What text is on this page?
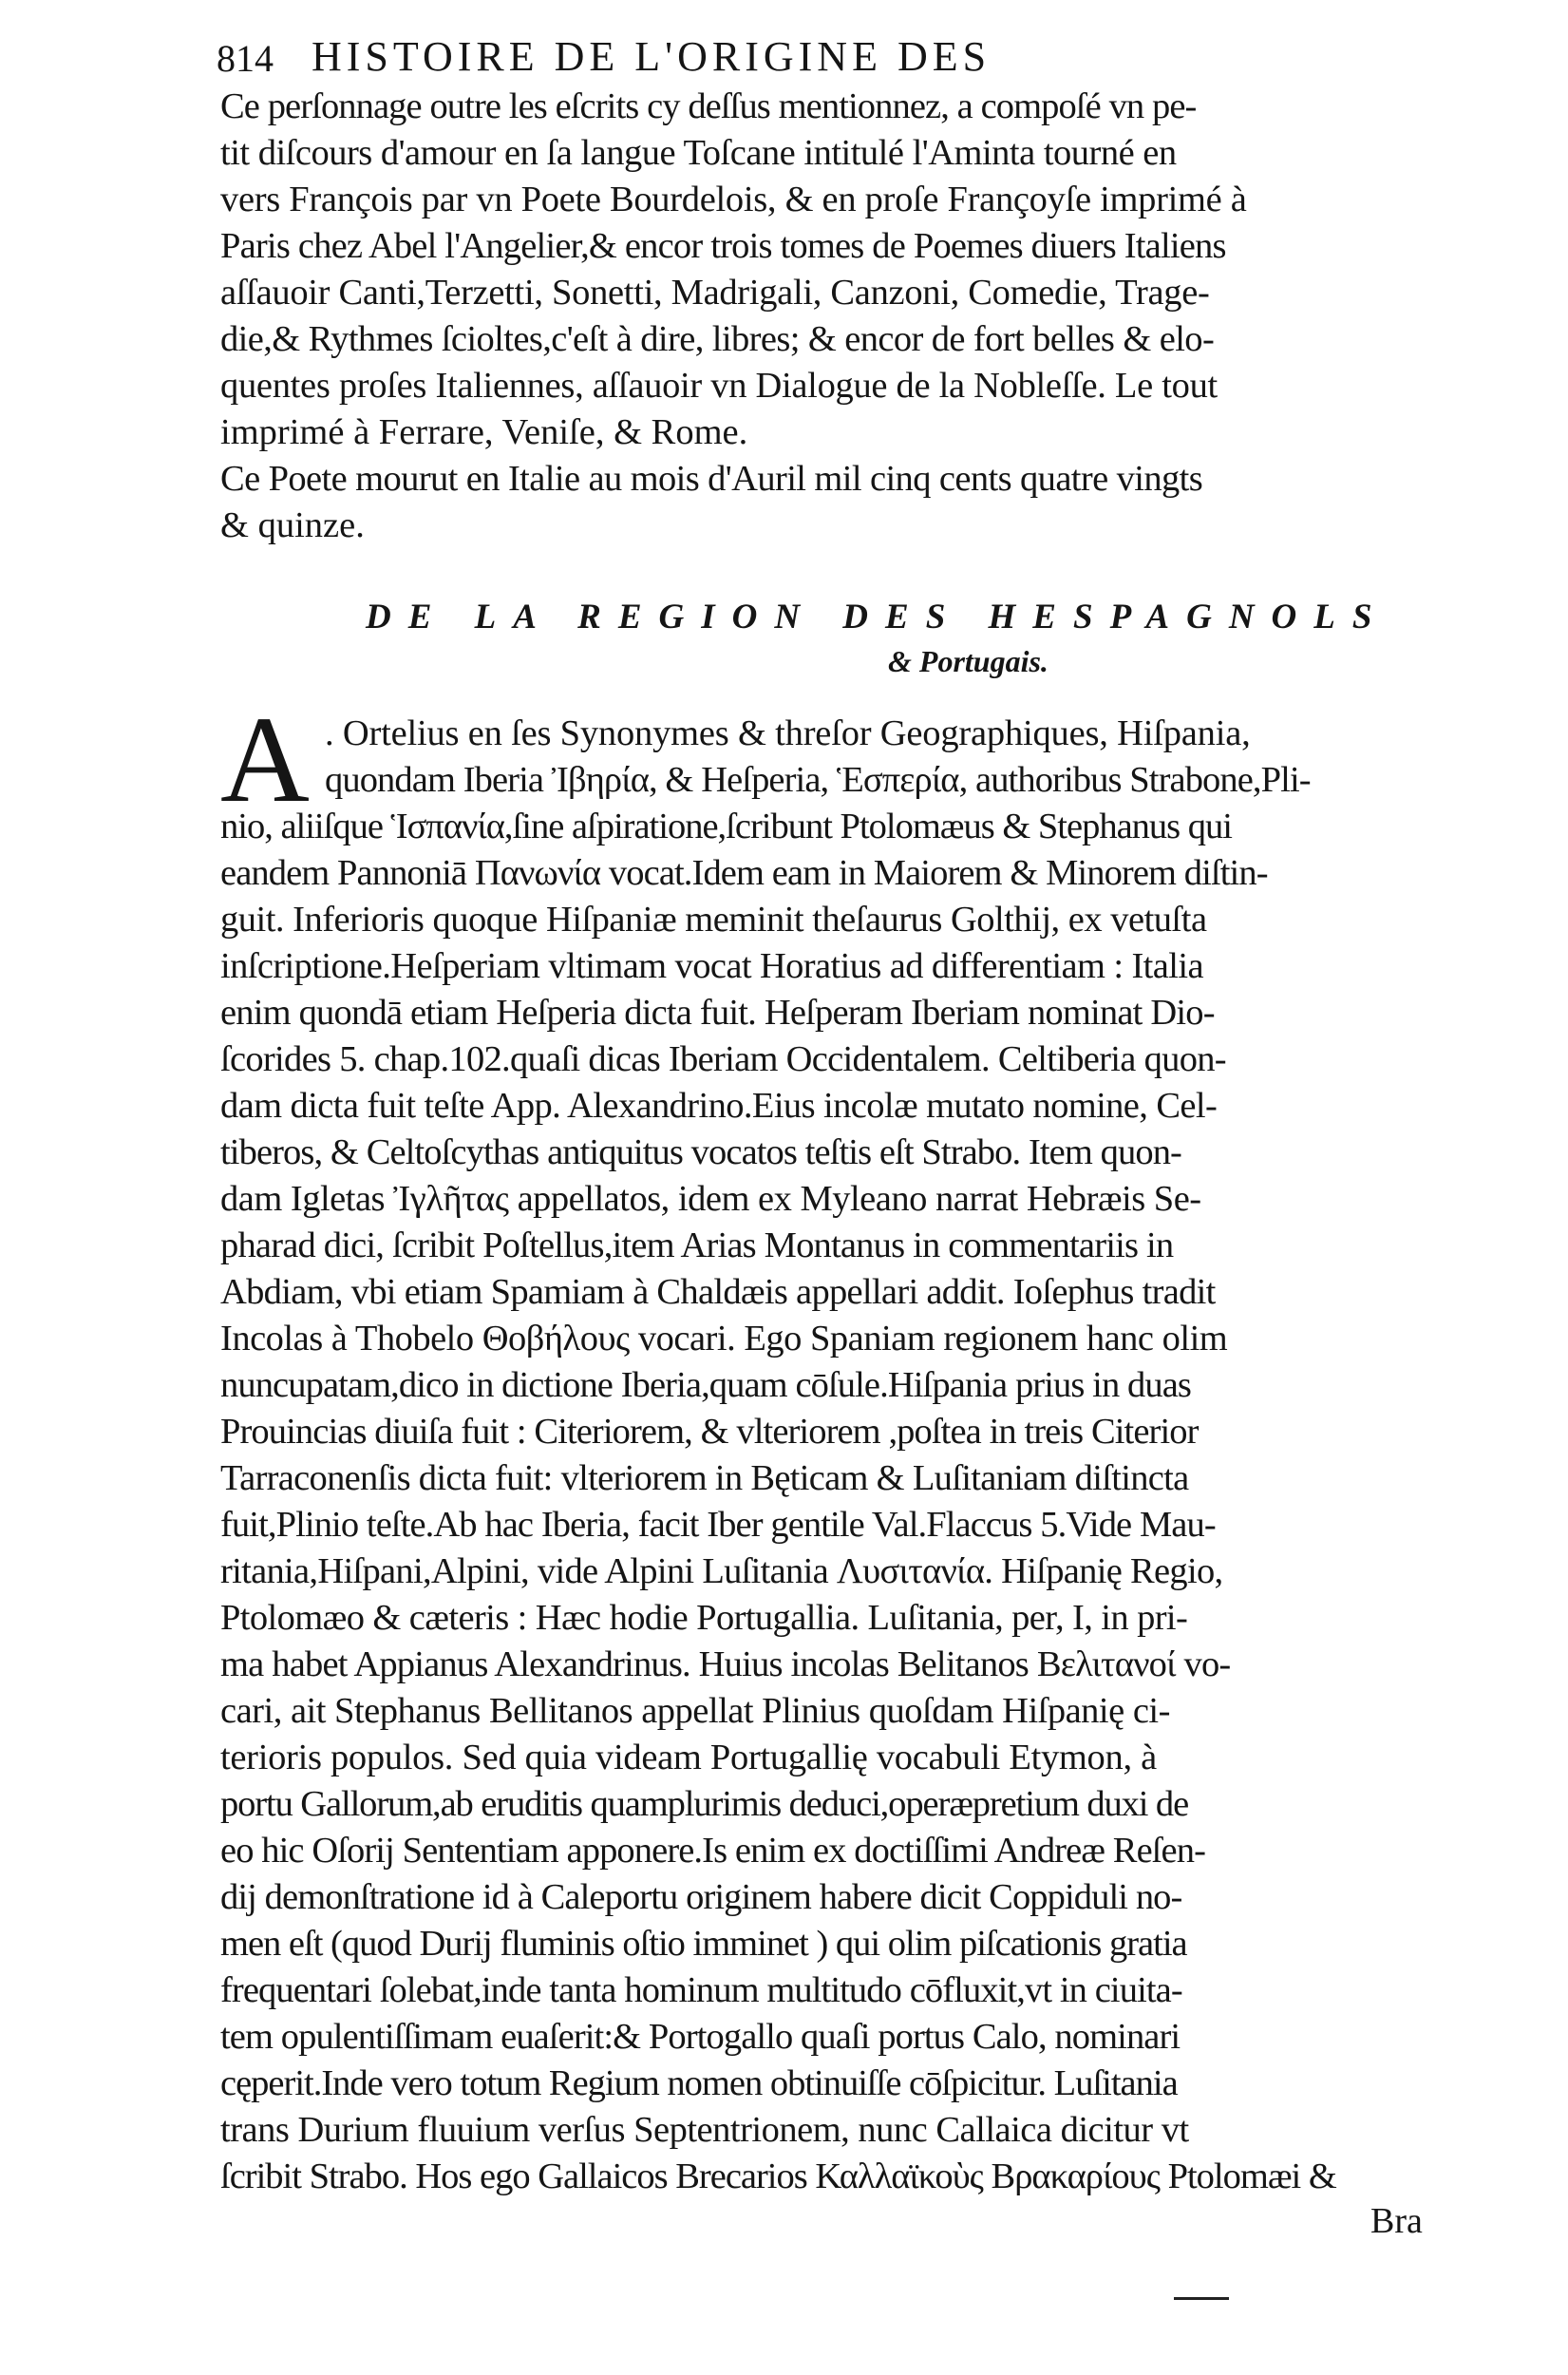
814 HISTOIRE DE L'ORIGINE DES
Ce perſonnage outre les eſcrits cy deſſus mentionnez, a compoſé vn pe-
tit diſcours d'amour en ſa langue Toſcane intitulé l'Aminta tourné en
vers François par vn Poete Bourdelois, & en proſe Françoyſe imprimé à
Paris chez Abel l'Angelier,& encor trois tomes de Poemes diuers Italiens
aſſauoir Canti,Terzetti, Sonetti, Madrigali, Canzoni, Comedie, Trage-
die,& Rythmes ſcioltes,c'eſt à dire, libres; & encor de fort belles & elo-
quentes proſes Italiennes, aſſauoir vn Dialogue de la Nobleſſe. Le tout
imprimé à Ferrare, Veniſe, & Rome.
Ce Poete mourut en Italie au mois d'Auril mil cinq cents quatre vingts
& quinze.
DE LA REGION DES HESPAGNOLS
& Portugais.
A . Ortelius en ſes Synonymes & threſor Geographiques, Hiſpania,
quondam Iberia Ἰβηρία, & Heſperia, Ἑσπερία, authoribus Strabone,Pli-
nio, aliiſque Ἱσπανία,ſine aſpiratione,ſcribunt Ptolomæus & Stephanus qui
eandem Pannoniā Πανωνία vocat.Idem eam in Maiorem & Minorem diſtin-
guit. Inferioris quoque Hiſpaniæ meminit theſaurus Golthij, ex vetuſta
inſcriptione.Heſperiam vltimam vocat Horatius ad differentiam : Italia
enim quondā etiam Heſperia dicta fuit. Heſperam Iberiam nominat Dio-
ſcorides 5. chap.102.quaſi dicas Iberiam Occidentalem. Celtiberia quon-
dam dicta fuit teſte App. Alexandrino.Eius incolæ mutato nomine, Cel-
tiberos, & Celtoſcythas antiquitus vocatos teſtis eſt Strabo. Item quon-
dam Igletas Ἰγλῆτας appellatos, idem ex Myleano narrat Hebræis Se-
pharad dici, ſcribit Poſtellus,item Arias Montanus in commentariis in
Abdiam, vbi etiam Spamiam à Chaldæis appellari addit. Ioſephus tradit
Incolas à Thobelo Θοβήλους vocari. Ego Spaniam regionem hanc olim
nuncupatam,dico in dictione Iberia,quam cōſule.Hiſpania prius in duas
Prouincias diuiſa fuit : Citeriorem, & vlteriorem ,poſtea in treis Citerior
Tarraconenſis dicta fuit: vlteriorem in Bęticam & Luſitaniam diſtincta
fuit,Plinio teſte.Ab hac Iberia, facit Iber gentile Val.Flaccus 5.Vide Mau-
ritania,Hiſpani,Alpini, vide Alpini Luſitania Λυσιτανία. Hiſpanię Regio,
Ptolomæo & cæteris : Hæc hodie Portugallia. Luſitania, per, I, in pri-
ma habet Appianus Alexandrinus. Huius incolas Belitanos Βελιτανοί vo-
cari, ait Stephanus Bellitanos appellat Plinius quoſdam Hiſpanię ci-
terioris populos. Sed quia videam Portugallię vocabuli Etymon, à
portu Gallorum,ab eruditis quamplurimis deduci,operæpretium duxi de
eo hic Oſorij Sententiam apponere.Is enim ex doctiſſimi Andreæ Reſen-
dij demonſtratione id à Caleportu originem habere dicit Coppiduli no-
men eſt (quod Durij fluminis oſtio imminet ) qui olim piſcationis gratia
frequentari ſolebat,inde tanta hominum multitudo cōfluxit,vt in ciuita-
tem opulentiſſimam euaſerit:& Portogallo quaſi portus Calo, nominari
cęperit.Inde vero totum Regium nomen obtinuiſſe cōſpicitur. Luſitania
trans Durium fluuium verſus Septentrionem, nunc Callaica dicitur vt
ſcribit Strabo. Hos ego Gallaicos Brecarios Καλλαϊκοὺς Βρακαρίους Ptolomæi &
Bra
